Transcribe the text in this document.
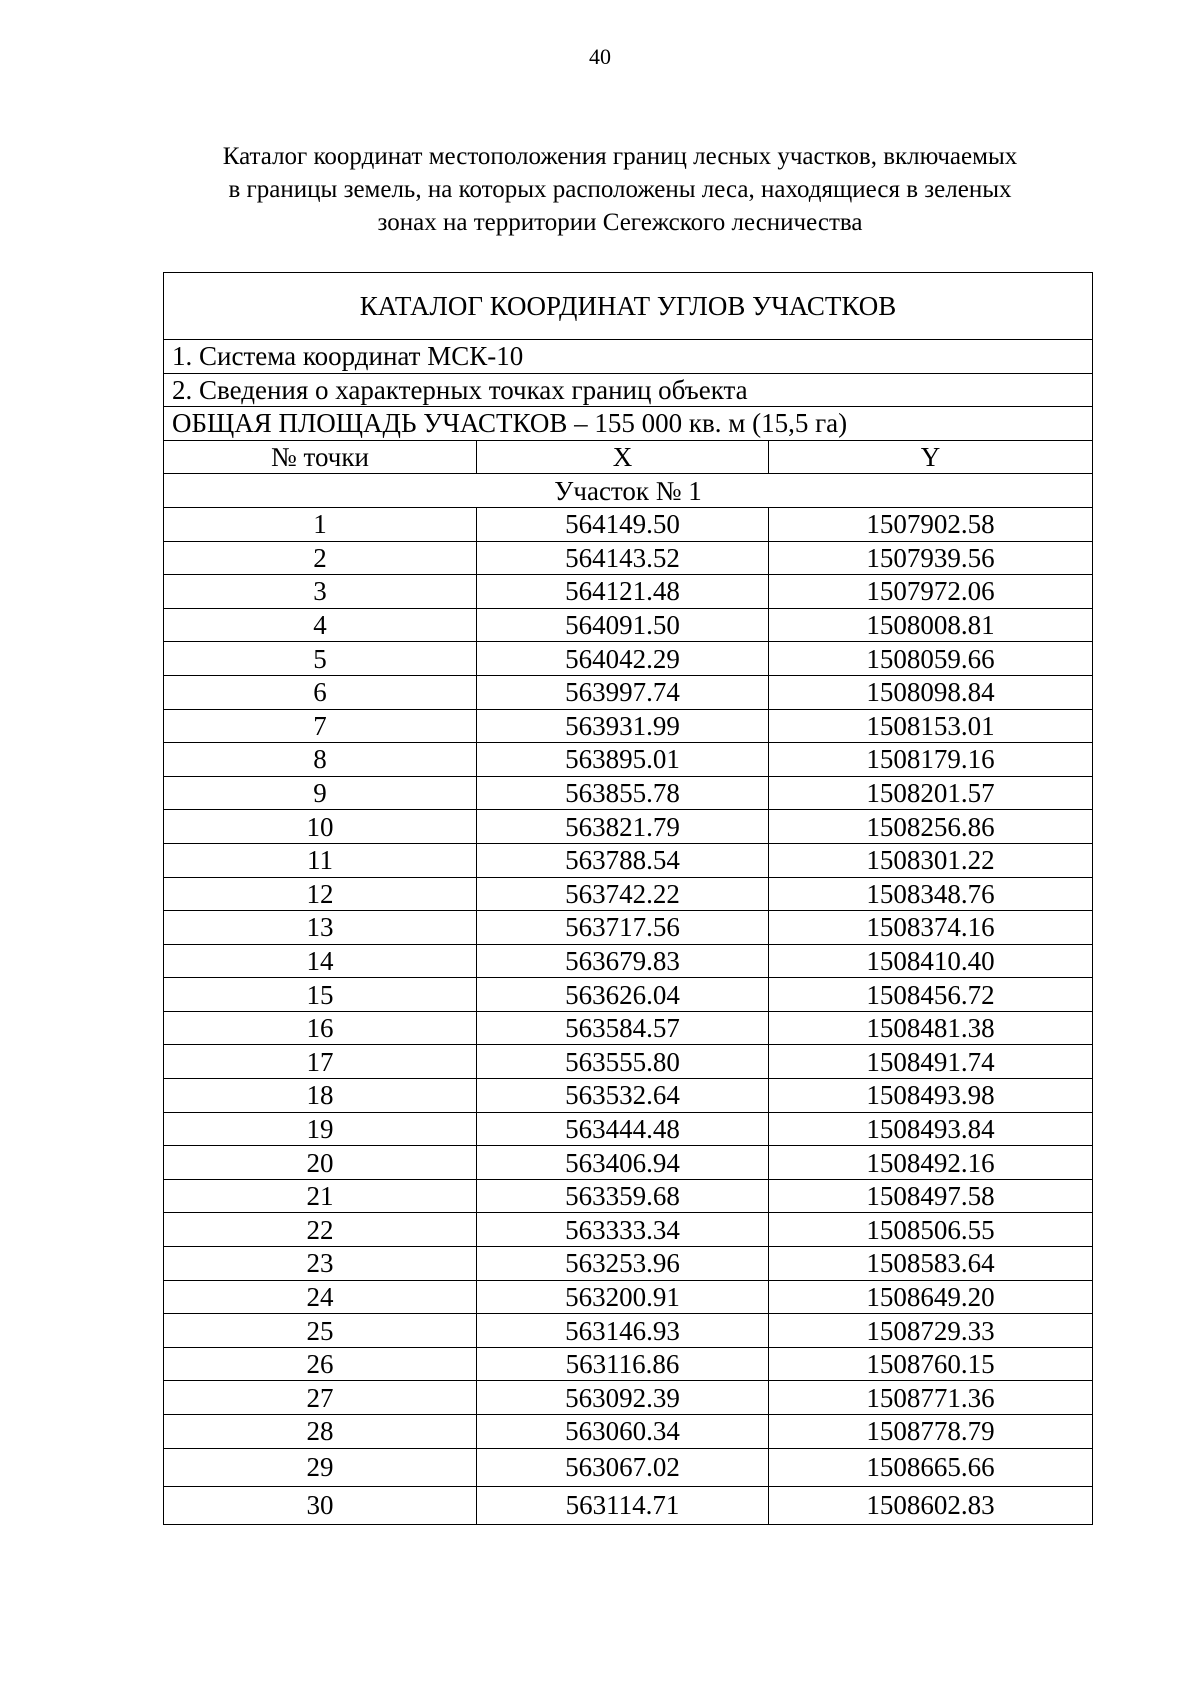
40
Каталог координат местоположения границ лесных участков, включаемых
в границы земель, на которых расположены леса, находящиеся в зеленых
зонах на территории Сегежского лесничества
КАТАЛОГ КООРДИНАТ УГЛОВ УЧАСТКОВ		
1. Система координат МСК-10		
2. Сведения о характерных точках границ объекта		
ОБЩАЯ ПЛОЩАДЬ УЧАСТКОВ – 155 000 кв. м (15,5 га)		
№ точки	X	Y
Участок № 1		
1	564149.50	1507902.58
2	564143.52	1507939.56
3	564121.48	1507972.06
4	564091.50	1508008.81
5	564042.29	1508059.66
6	563997.74	1508098.84
7	563931.99	1508153.01
8	563895.01	1508179.16
9	563855.78	1508201.57
10	563821.79	1508256.86
11	563788.54	1508301.22
12	563742.22	1508348.76
13	563717.56	1508374.16
14	563679.83	1508410.40
15	563626.04	1508456.72
16	563584.57	1508481.38
17	563555.80	1508491.74
18	563532.64	1508493.98
19	563444.48	1508493.84
20	563406.94	1508492.16
21	563359.68	1508497.58
22	563333.34	1508506.55
23	563253.96	1508583.64
24	563200.91	1508649.20
25	563146.93	1508729.33
26	563116.86	1508760.15
27	563092.39	1508771.36
28	563060.34	1508778.79
29	563067.02	1508665.66
30	563114.71	1508602.83
